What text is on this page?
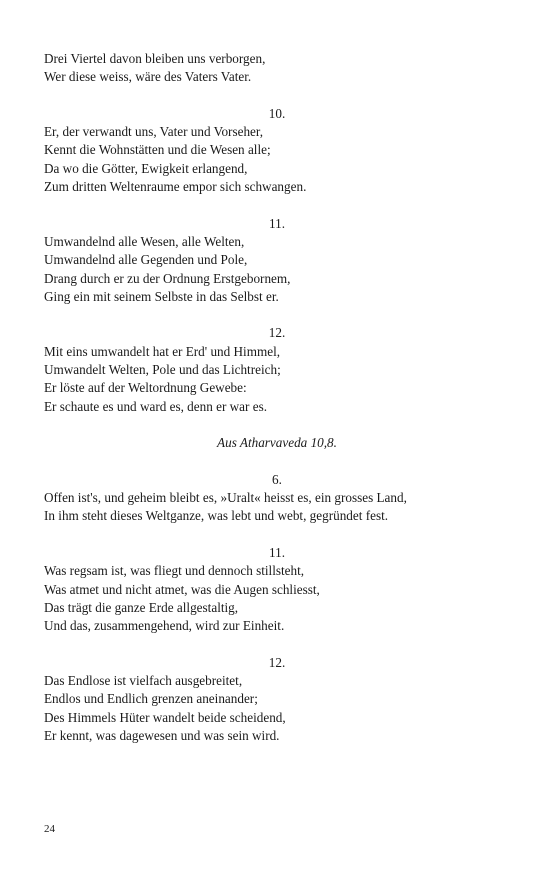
Drei Viertel davon bleiben uns verborgen,
Wer diese weiss, wäre des Vaters Vater.
10.
Er, der verwandt uns, Vater und Vorseher,
Kennt die Wohnstätten und die Wesen alle;
Da wo die Götter, Ewigkeit erlangend,
Zum dritten Weltenraume empor sich schwangen.
11.
Umwandelnd alle Wesen, alle Welten,
Umwandelnd alle Gegenden und Pole,
Drang durch er zu der Ordnung Erstgebornem,
Ging ein mit seinem Selbste in das Selbst er.
12.
Mit eins umwandelt hat er Erd' und Himmel,
Umwandelt Welten, Pole und das Lichtreich;
Er löste auf der Weltordnung Gewebe:
Er schaute es und ward es, denn er war es.
Aus Atharvaveda 10,8.
6.
Offen ist's, und geheim bleibt es, »Uralt« heisst es, ein grosses Land,
In ihm steht dieses Weltganze, was lebt und webt, gegründet fest.
11.
Was regsam ist, was fliegt und dennoch stillsteht,
Was atmet und nicht atmet, was die Augen schliesst,
Das trägt die ganze Erde allgestaltig,
Und das, zusammengehend, wird zur Einheit.
12.
Das Endlose ist vielfach ausgebreitet,
Endlos und Endlich grenzen aneinander;
Des Himmels Hüter wandelt beide scheidend,
Er kennt, was dagewesen und was sein wird.
24
